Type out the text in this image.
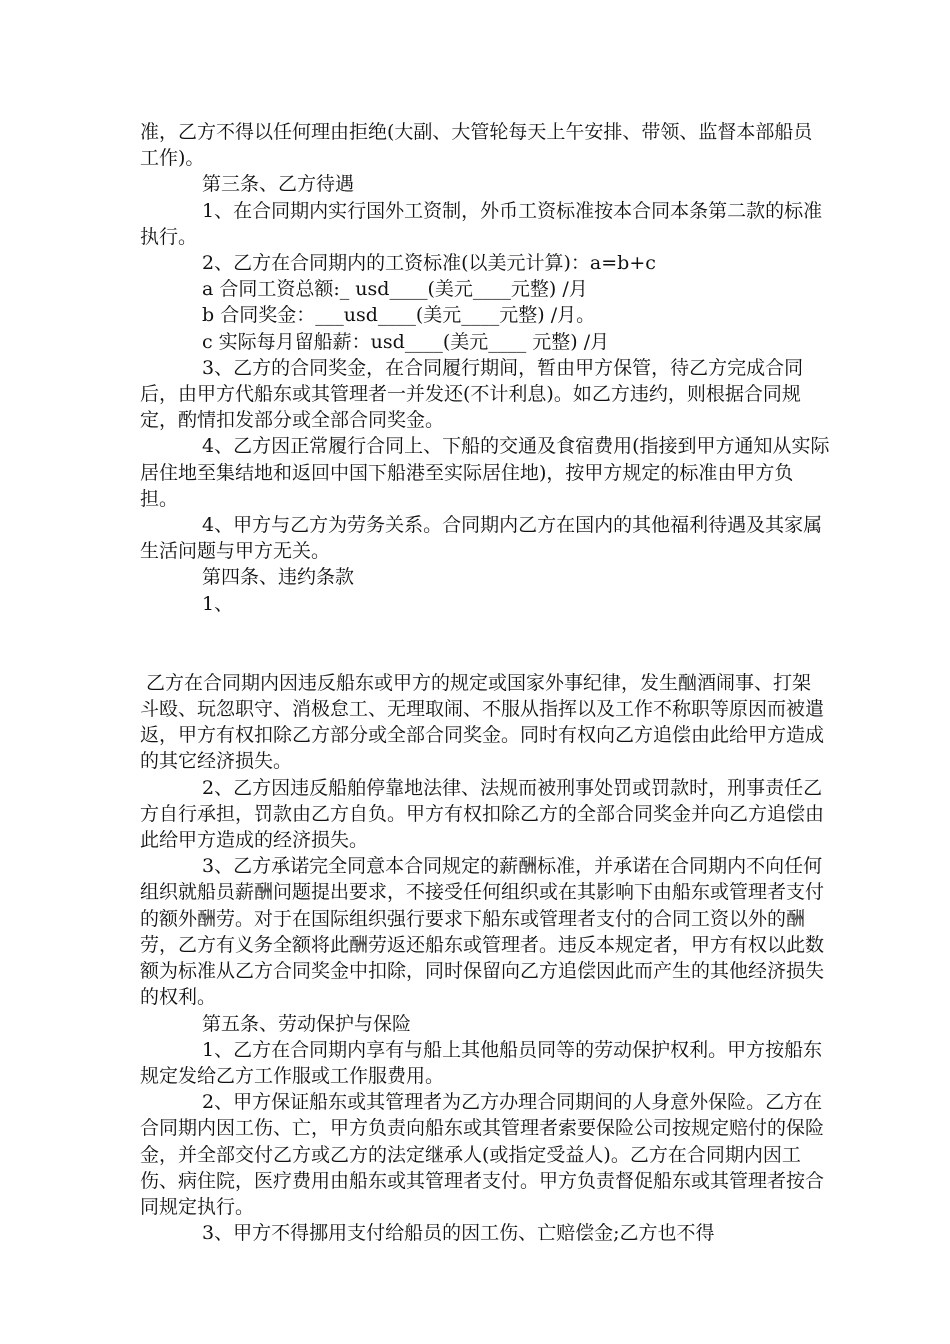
准，乙方不得以任何理由拒绝(大副、大管轮每天上午安排、带领、监督本部船员工作)。

第三条、乙方待遇

1、在合同期内实行国外工资制，外币工资标准按本合同本条第二款的标准执行。

2、乙方在合同期内的工资标准(以美元计算)：a=b+c

a 合同工资总额:_ usd____(美元____元整) /月

b 合同奖金：___usd____(美元____元整) /月。

c 实际每月留船薪：usd____(美元____ 元整) /月

3、乙方的合同奖金，在合同履行期间，暂由甲方保管，待乙方完成合同后，由甲方代船东或其管理者一并发还(不计利息)。如乙方违约，则根据合同规定，酌情扣发部分或全部合同奖金。

4、乙方因正常履行合同上、下船的交通及食宿费用(指接到甲方通知从实际居住地至集结地和返回中国下船港至实际居住地)，按甲方规定的标准由甲方负担。

4、甲方与乙方为劳务关系。合同期内乙方在国内的其他福利待遇及其家属生活问题与甲方无关。

第四条、违约条款

1、

乙方在合同期内因违反船东或甲方的规定或国家外事纪律，发生酗酒闹事、打架斗殴、玩忽职守、消极怠工、无理取闹、不服从指挥以及工作不称职等原因而被遣返，甲方有权扣除乙方部分或全部合同奖金。同时有权向乙方追偿由此给甲方造成的其它经济损失。

2、乙方因违反船舶停靠地法律、法规而被刑事处罚或罚款时，刑事责任乙方自行承担，罚款由乙方自负。甲方有权扣除乙方的全部合同奖金并向乙方追偿由此给甲方造成的经济损失。

3、乙方承诺完全同意本合同规定的薪酬标准，并承诺在合同期内不向任何组织就船员薪酬问题提出要求，不接受任何组织或在其影响下由船东或管理者支付的额外酬劳。对于在国际组织强行要求下船东或管理者支付的合同工资以外的酬劳，乙方有义务全额将此酬劳返还船东或管理者。违反本规定者，甲方有权以此数额为标准从乙方合同奖金中扣除，同时保留向乙方追偿因此而产生的其他经济损失的权利。

第五条、劳动保护与保险

1、乙方在合同期内享有与船上其他船员同等的劳动保护权利。甲方按船东规定发给乙方工作服或工作服费用。

2、甲方保证船东或其管理者为乙方办理合同期间的人身意外保险。乙方在合同期内因工伤、亡，甲方负责向船东或其管理者索要保险公司按规定赔付的保险金，并全部交付乙方或乙方的法定继承人(或指定受益人)。乙方在合同期内因工伤、病住院，医疗费用由船东或其管理者支付。甲方负责督促船东或其管理者按合同规定执行。

3、甲方不得挪用支付给船员的因工伤、亡赔偿金;乙方也不得
